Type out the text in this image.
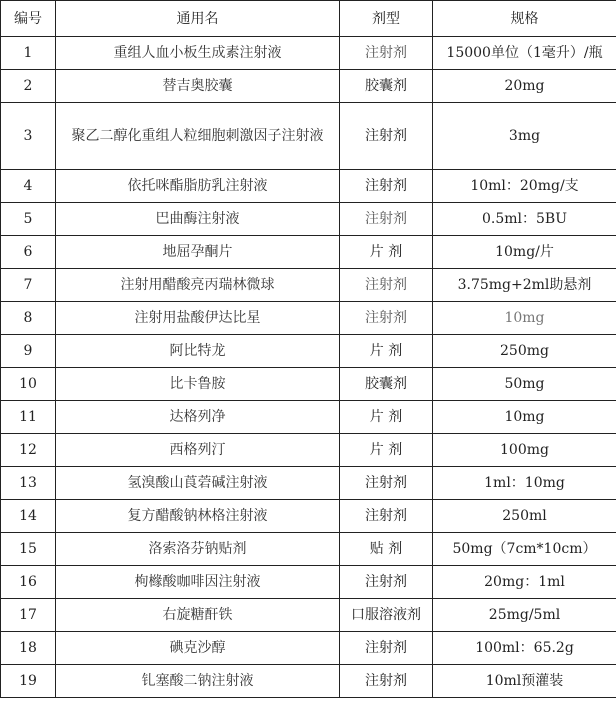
编号	通用名	剂型	规格
1	重组人血小板生成素注射液	注射剂	15000单位（1毫升）/瓶
2	替吉奥胶囊	胶囊剂	20mg
3	聚乙二醇化重组人粒细胞刺激因子注射液	注射剂	3mg
4	依托咪酯脂肪乳注射液	注射剂	10ml：20mg/支
5	巴曲酶注射液	注射剂	0.5ml：5BU
6	地屈孕酮片	片 剂	10mg/片
7	注射用醋酸亮丙瑞林微球	注射剂	3.75mg+2ml助悬剂
8	注射用盐酸伊达比星	注射剂	10mg
9	阿比特龙	片 剂	250mg
10	比卡鲁胺	胶囊剂	50mg
11	达格列净	片 剂	10mg
12	西格列汀	片 剂	100mg
13	氢溴酸山莨菪碱注射液	注射剂	1ml：10mg
14	复方醋酸钠林格注射液	注射剂	250ml
15	洛索洛芬钠贴剂	贴 剂	50mg（7cm*10cm）
16	枸橼酸咖啡因注射液	注射剂	20mg：1ml
17	右旋糖酐铁	口服溶液剂	25mg/5ml
18	碘克沙醇	注射剂	100ml：65.2g
19	钆塞酸二钠注射液	注射剂	10ml预灌装
